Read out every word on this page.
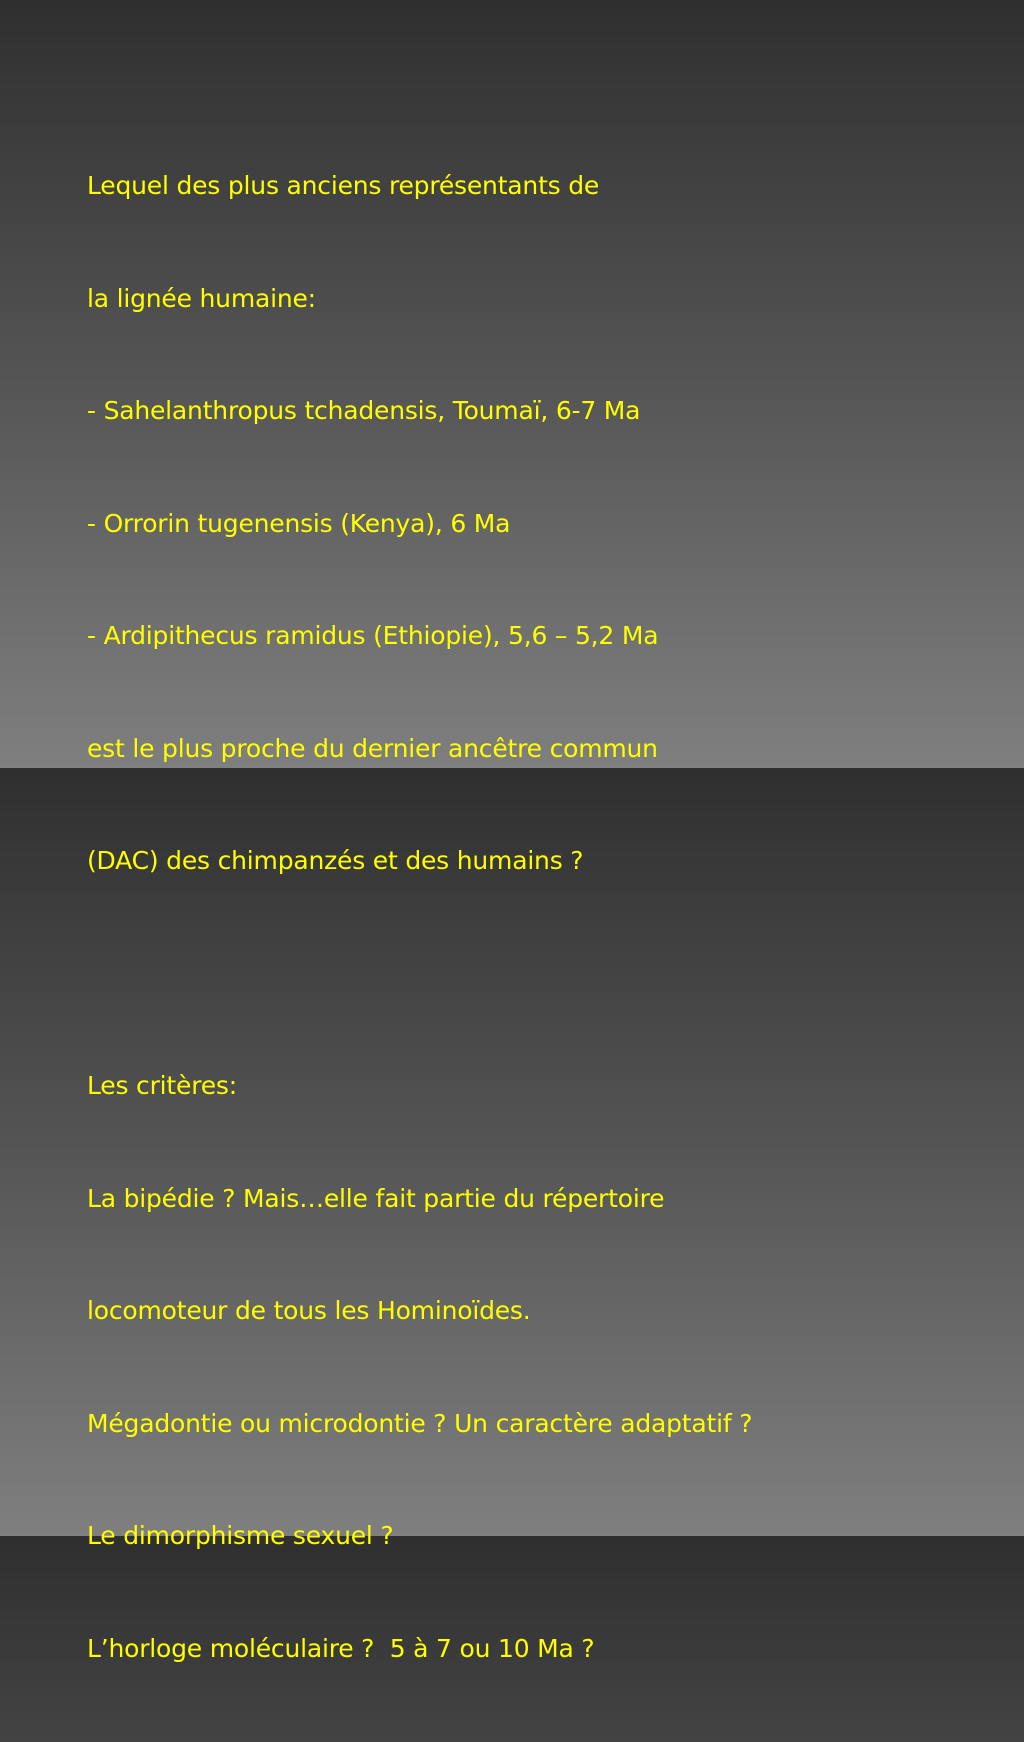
Lequel des plus anciens représentants de

la lignée humaine:

- Sahelanthropus tchadensis, Toumaï, 6-7 Ma

- Orrorin tugenensis (Kenya), 6 Ma

- Ardipithecus ramidus (Ethiopie), 5,6 – 5,2 Ma

est le plus proche du dernier ancêtre commun

(DAC) des chimpanzés et des humains ?

Les critères:

La bipédie ? Mais…elle fait partie du répertoire

locomoteur de tous les Hominoïdes.

Mégadontie ou microdontie ? Un caractère adaptatif ?

Le dimorphisme sexuel ?

L’horloge moléculaire ?  5 à 7 ou 10 Ma ?
